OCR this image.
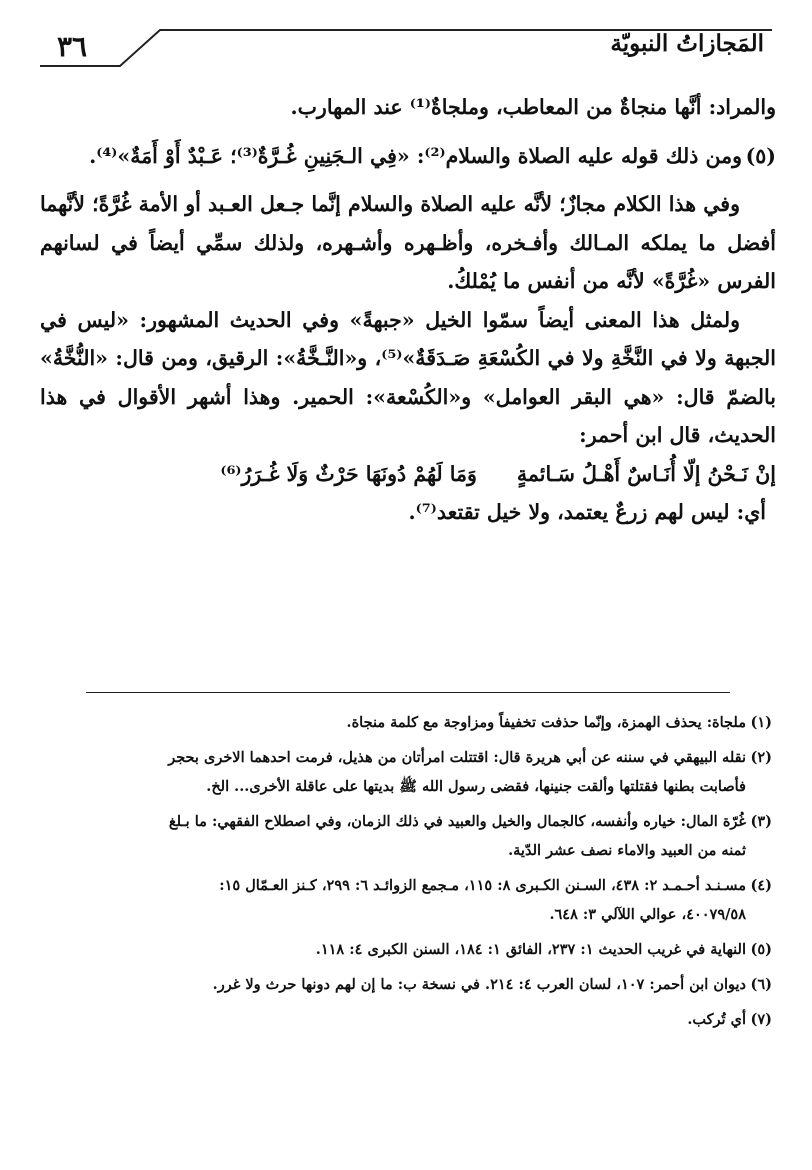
٣٦	المَجازاتُ النبويّة

والمراد: أنَّها منجاةٌ من المعاطب، وملجاةٌ⁽¹⁾ عند المهارب.

(٥)ومن ذلك قوله عليه الصلاة والسلام⁽²⁾: «فِي الـجَنِينِ غُـرَّةٌ⁽³⁾؛ عَـبْدٌ أَوْ أَمَةٌ»⁽⁴⁾.

وفي هذا الكلام مجازٌ؛ لأنَّه عليه الصلاة والسلام إنَّما جـعل العـبد أو الأمة غُرَّةً؛ لأنَّهما أفضل ما يملكه المـالك وأفـخره، وأظـهره وأشـهره، ولذلك سمِّي أيضاً في لسانهم الفرس «غُرَّةً» لأنَّه من أنفس ما يُمْلكُ.

ولمثل هذا المعنى أيضاً سمّوا الخيل «جبهةً» وفي الحديث المشهور: «ليس في الجبهة ولا في النَّخَّةِ ولا في الكُسْعَةِ صَـدَقَةٌ»⁽⁵⁾، و«النَّـخَّةُ»: الرقيق، ومن قال: «النُّخَّةُ» بالضمّ قال: «هي البقر العوامل» و«الكُسْعة»: الحمير. وهذا أشهر الأقوال في هذا الحديث، قال ابن أحمر:

إنْ نَـحْنُ إلّا أُنَـاسٌ أَهْـلُ سَـائمةٍ
وَمَا لَهُمْ دُونَهَا حَرْثٌ وَلَا غُـرَرُ⁽⁶⁾

أي: ليس لهم زرعٌ يعتمد، ولا خيل تقتعد⁽⁷⁾.

(١)ملجاة: يحذف الهمزة، وإنّما حذفت تخفيفاً ومزاوجة مع كلمة منجاة.
(٢)نقله البيهقي في سننه عن أبي هريرة قال: اقتتلت امرأتان من هذيل، فرمت احدهما الاخرى بحجر
فأصابت بطنها فقتلتها وألقت جنينها، فقضى رسول الله ﷺ بديتها على عاقلة الأخرى... الخ.
(٣)غُرّة المال: خياره وأنفسه، كالجمال والخيل والعبيد في ذلك الزمان، وفي اصطلاح الفقهي: ما بـلغ
ثمنه من العبيد والاماء نصف عشر الدّية.
(٤)مسـنـد أحـمـد ٢: ٤٣٨، السـنن الكـبرى ٨: ١١٥، مـجمع الزوائـد ٦: ٢٩٩، كـنز العـمّال ١٥:
٤٠٠٧٩/٥٨، عوالي اللآلي ٣: ٦٤٨.
(٥)النهاية في غريب الحديث ١: ٢٣٧، الفائق ١: ١٨٤، السنن الكبرى ٤: ١١٨.
(٦)ديوان ابن أحمر: ١٠٧، لسان العرب ٤: ٢١٤. في نسخة ب: ما إن لهم دونها حرث ولا غرر.
(٧)أي تُركب.
